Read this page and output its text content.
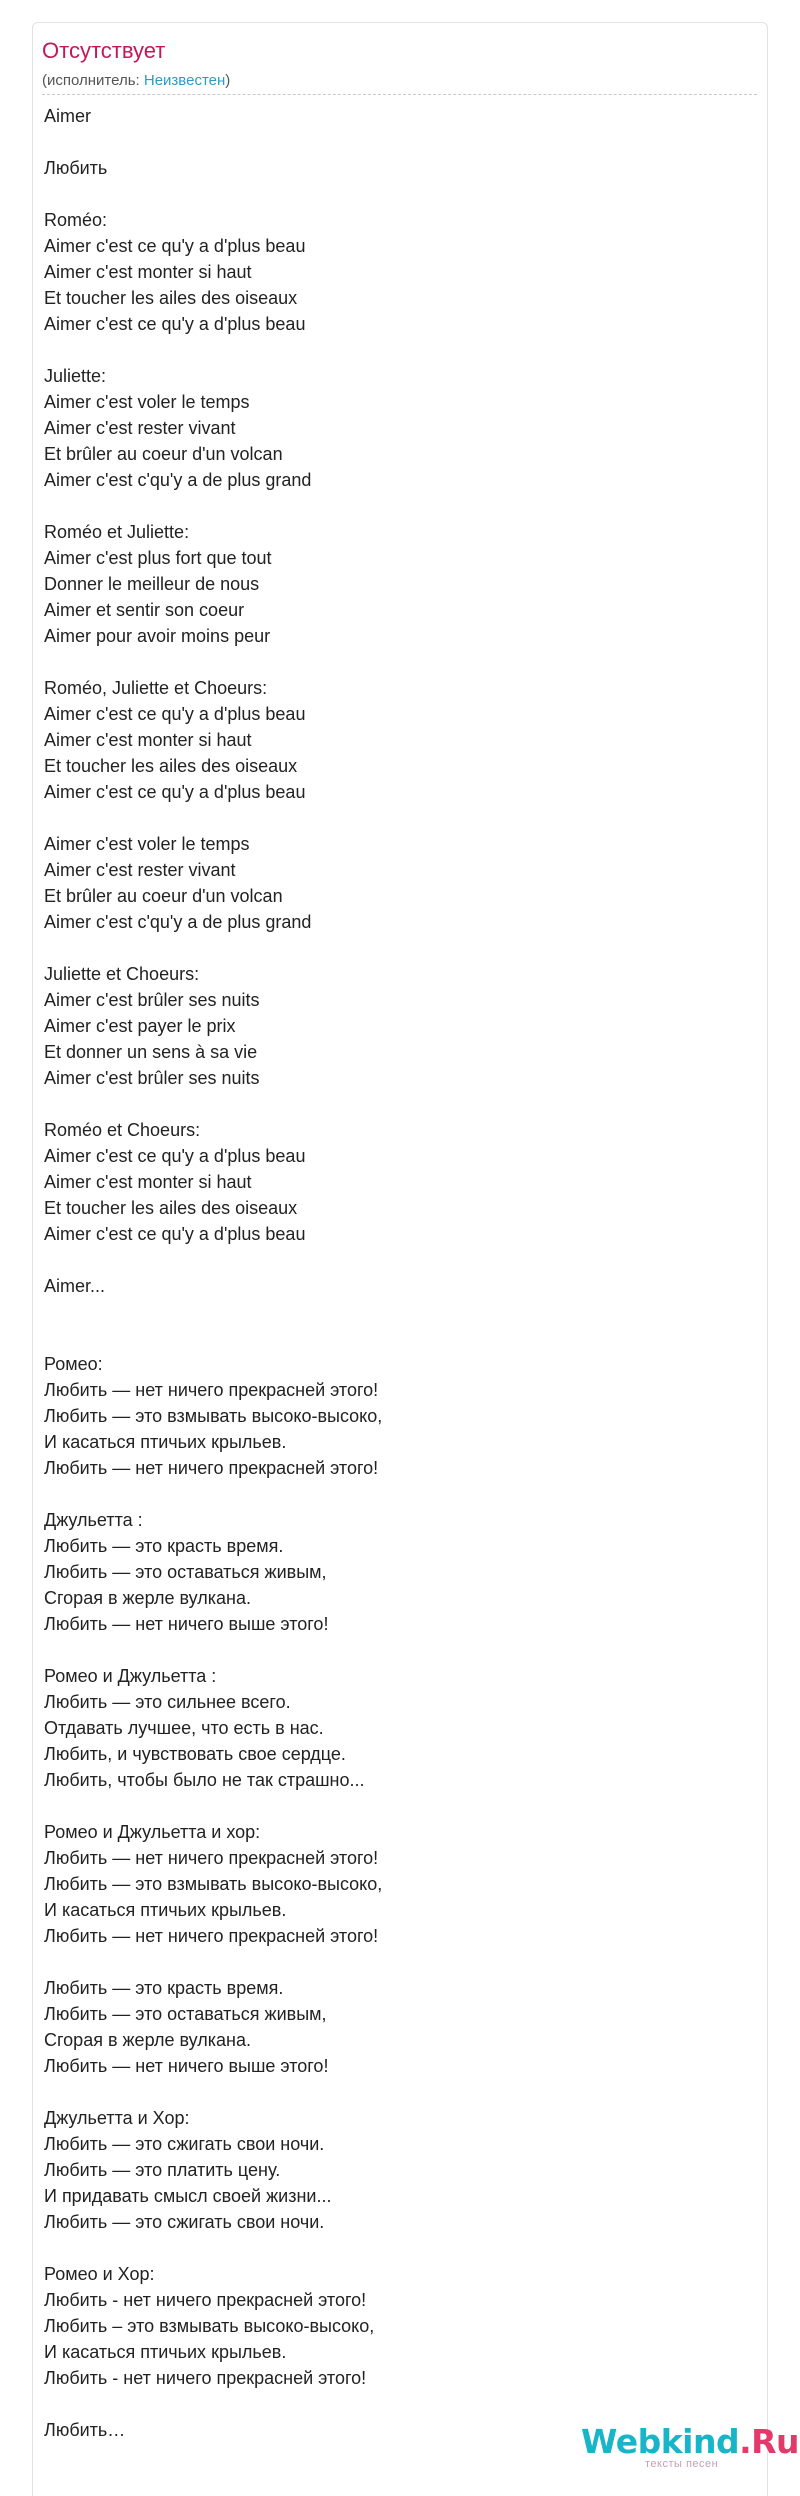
Отсутствует
(исполнитель: Неизвестен)
Aimer
Любить
Roméo:
Aimer c'est ce qu'y a d'plus beau
Aimer c'est monter si haut
Et toucher les ailes des oiseaux
Aimer c'est ce qu'y a d'plus beau
Juliette:
Aimer c'est voler le temps
Aimer c'est rester vivant
Et brûler au coeur d'un volcan
Aimer c'est c'qu'y a de plus grand
Roméo et Juliette:
Aimer c'est plus fort que tout
Donner le meilleur de nous
Aimer et sentir son coeur
Aimer pour avoir moins peur
Roméo, Juliette et Choeurs:
Aimer c'est ce qu'y a d'plus beau
Aimer c'est monter si haut
Et toucher les ailes des oiseaux
Aimer c'est ce qu'y a d'plus beau
Aimer c'est voler le temps
Aimer c'est rester vivant
Et brûler au coeur d'un volcan
Aimer c'est c'qu'y a de plus grand
Juliette et Choeurs:
Aimer c'est brûler ses nuits
Aimer c'est payer le prix
Et donner un sens à sa vie
Aimer c'est brûler ses nuits
Roméo et Choeurs:
Aimer c'est ce qu'y a d'plus beau
Aimer c'est monter si haut
Et toucher les ailes des oiseaux
Aimer c'est ce qu'y a d'plus beau
Aimer...
Ромео:
Любить — нет ничего прекрасней этого!
Любить — это взмывать высоко-высоко,
И касаться птичьих крыльев.
Любить — нет ничего прекрасней этого!
Джульетта :
Любить — это красть время.
Любить — это оставаться живым,
Сгорая в жерле вулкана.
Любить — нет ничего выше этого!
Ромео и Джульетта :
Любить — это сильнее всего.
Отдавать лучшее, что есть в нас.
Любить, и чувствовать свое сердце.
Любить, чтобы было не так страшно...
Ромео и Джульетта и хор:
Любить — нет ничего прекрасней этого!
Любить — это взмывать высоко-высоко,
И касаться птичьих крыльев.
Любить — нет ничего прекрасней этого!
Любить — это красть время.
Любить — это оставаться живым,
Сгорая в жерле вулкана.
Любить — нет ничего выше этого!
Джульетта и Хор:
Любить — это сжигать свои ночи.
Любить — это платить цену.
И придавать смысл своей жизни...
Любить — это сжигать свои ночи.
Ромео и Хор:
Любить - нет ничего прекрасней этого!
Любить – это взмывать высоко-высоко,
И касаться птичьих крыльев.
Любить - нет ничего прекрасней этого!
Любить…	Webkind.Ru
тексты песен
